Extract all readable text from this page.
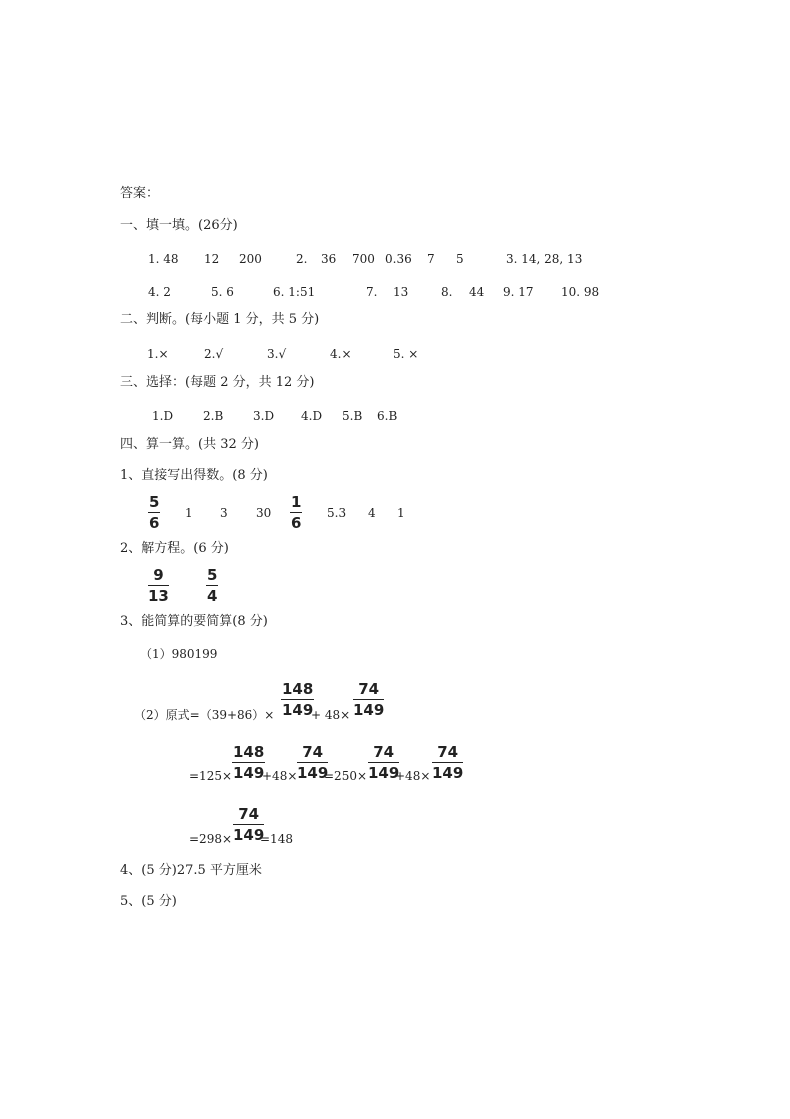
答案：
一、填一填。(26分)
1. 48 12 200	2. 36 700 0.36 7 5	3. 14, 28, 13
4. 2	5. 6	6. 1:51	7. 13	8. 44 9. 17 10. 98
二、判断。(每小题 1 分，共 5 分)
1.×	2.√	3.√	4.×	5. ×
三、选择：(每题 2 分，共 12 分)
1.D 2.B 3.D 4.D 5.B 6.B
四、算一算。(共 32 分)
1、直接写出得数。(8 分)
$\frac{5}{6} 1$ 3 $30 \frac{1}{6} 5.3$ 4 1
2、解方程。(6 分)
$\frac{9}{13} \frac{5}{4}$
3、能简算的要简算(8 分)
（1）980199
（2）原式$=(39+86)\times \frac{148}{149}$
+ $48\times \frac{74}{149}$
$=125\times \frac{148}{149}$
$+48\times \frac{74}{149}$
$=250\times \frac{74}{149}$
$+48\times \frac{74}{149}$
$=298\times \frac{74}{149}$
=148
4、(5 分)27.5 平方厘米
5、(5 分)
